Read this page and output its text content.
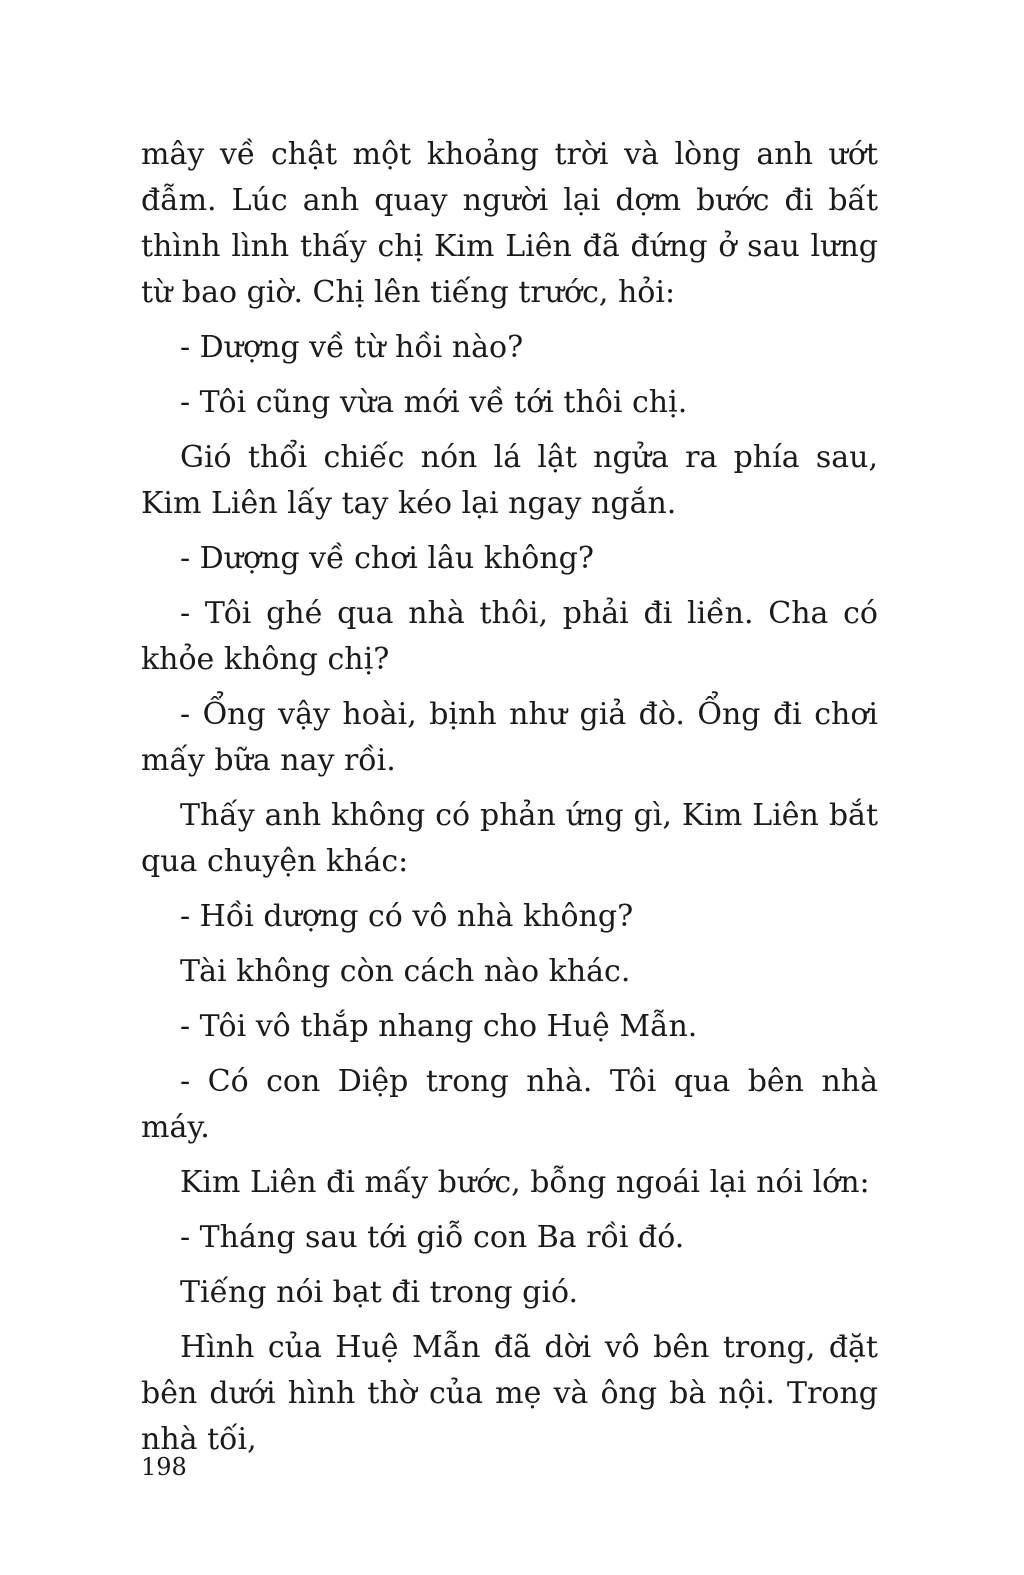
mây về chật một khoảng trời và lòng anh ướt đẫm. Lúc anh quay người lại dợm bước đi bất thình lình thấy chị Kim Liên đã đứng ở sau lưng từ bao giờ. Chị lên tiếng trước, hỏi:

- Dượng về từ hồi nào?

- Tôi cũng vừa mới về tới thôi chị.

Gió thổi chiếc nón lá lật ngửa ra phía sau, Kim Liên lấy tay kéo lại ngay ngắn.

- Dượng về chơi lâu không?

- Tôi ghé qua nhà thôi, phải đi liền. Cha có khỏe không chị?

- Ổng vậy hoài, bịnh như giả đò. Ổng đi chơi mấy bữa nay rồi.

Thấy anh không có phản ứng gì, Kim Liên bắt qua chuyện khác:

- Hồi dượng có vô nhà không?

Tài không còn cách nào khác.

- Tôi vô thắp nhang cho Huệ Mẫn.

- Có con Diệp trong nhà. Tôi qua bên nhà máy.

Kim Liên đi mấy bước, bỗng ngoái lại nói lớn:

- Tháng sau tới giỗ con Ba rồi đó.

Tiếng nói bạt đi trong gió.

Hình của Huệ Mẫn đã dời vô bên trong, đặt bên dưới hình thờ của mẹ và ông bà nội. Trong nhà tối,

198
